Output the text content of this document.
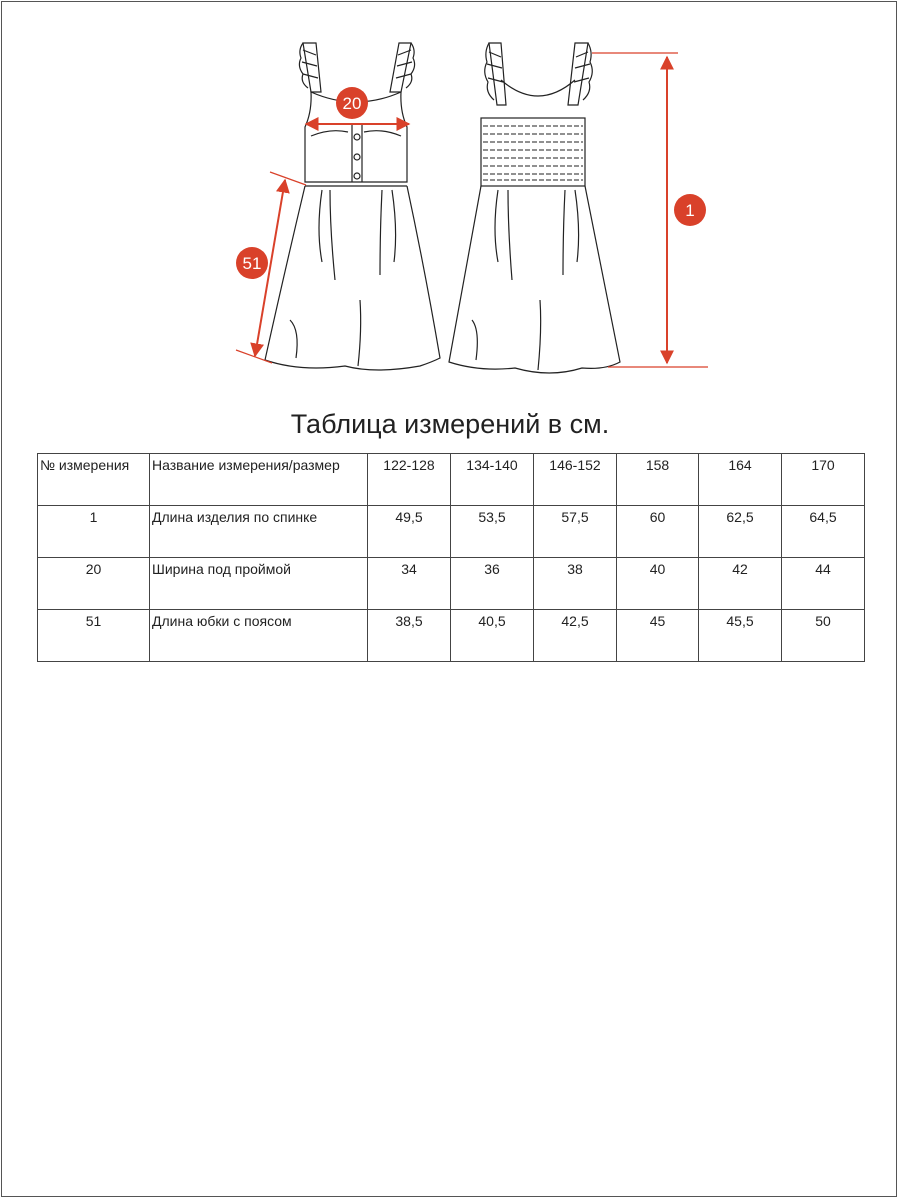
20
51
1
Таблица измерений в см.
№ измерения	Название измерения/размер	122-128	134-140	146-152	158	164	170
1	Длина изделия по спинке	49,5	53,5	57,5	60	62,5	64,5
20	Ширина под проймой	34	36	38	40	42	44
51	Длина юбки с поясом	38,5	40,5	42,5	45	45,5	50
